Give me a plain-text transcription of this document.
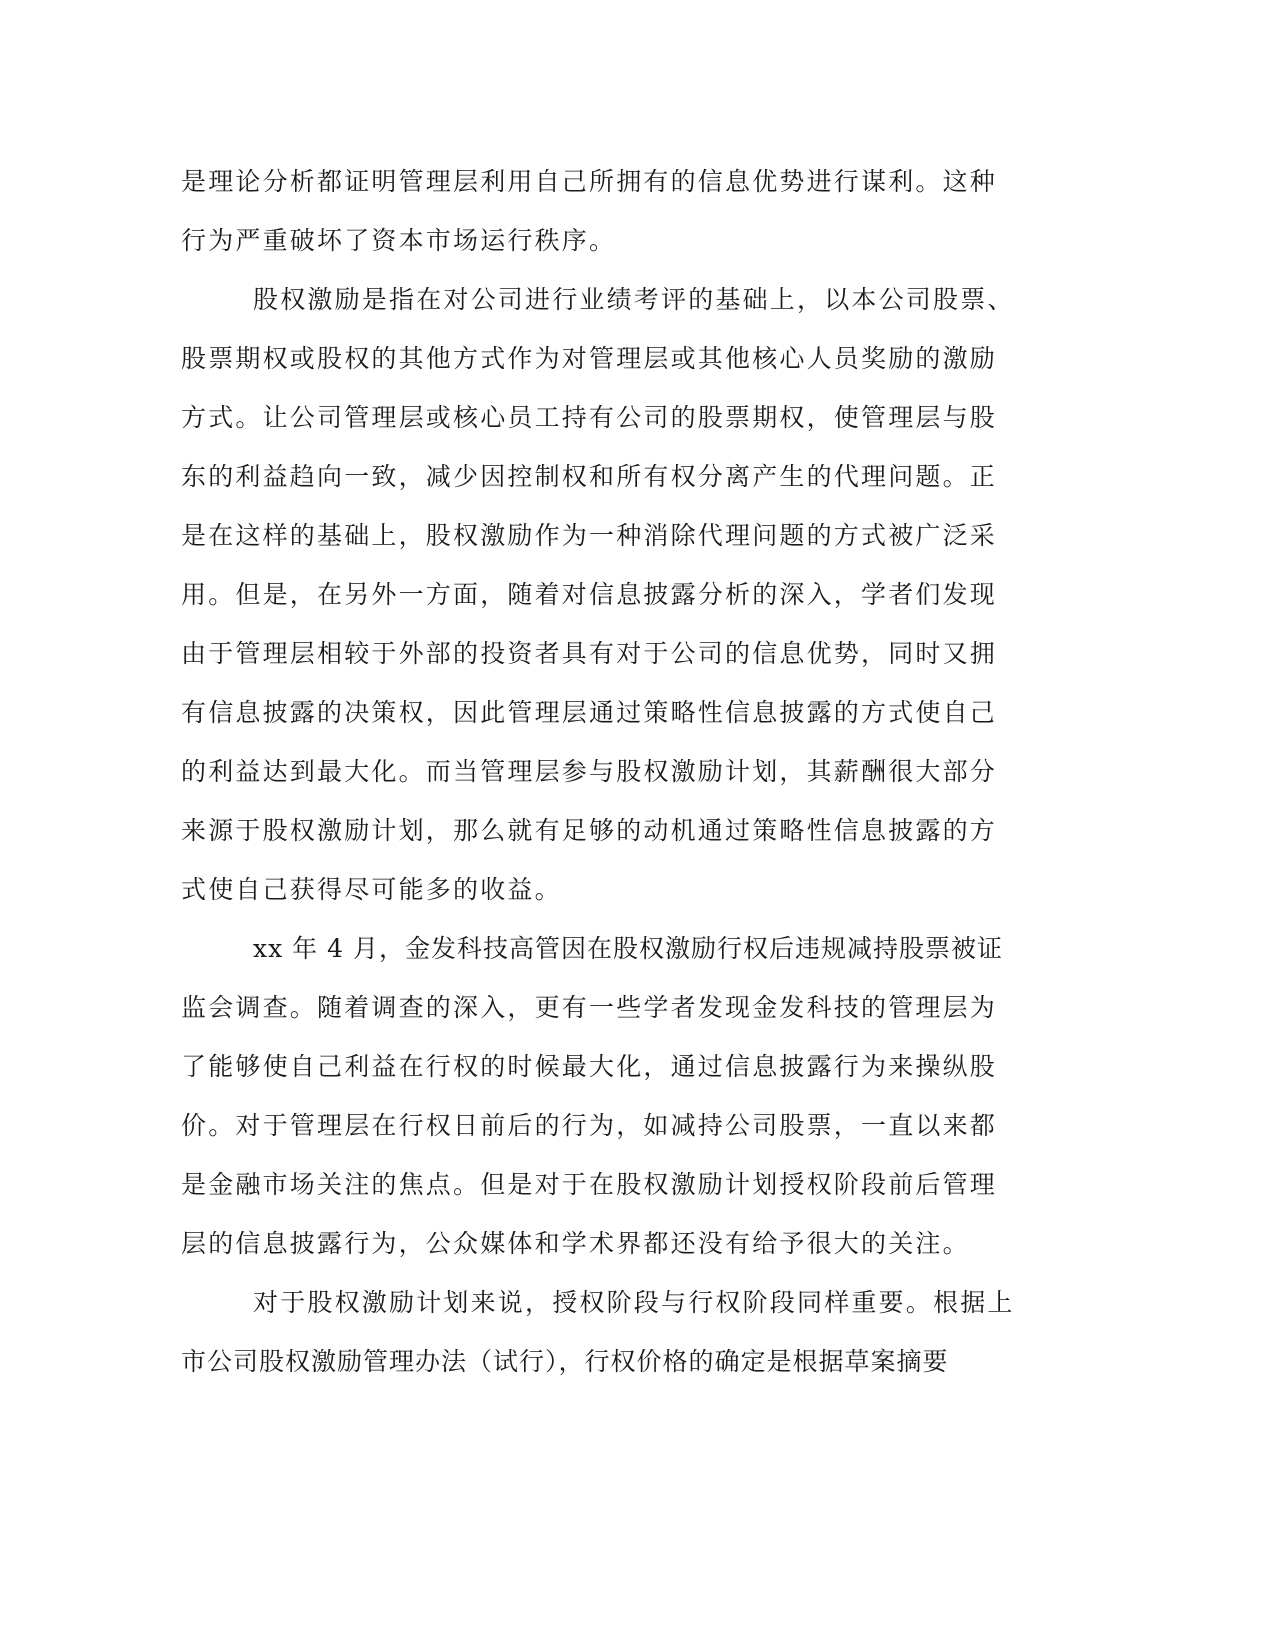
是理论分析都证明管理层利用自己所拥有的信息优势进行谋利。这种
行为严重破坏了资本市场运行秩序。
股权激励是指在对公司进行业绩考评的基础上，以本公司股票、
股票期权或股权的其他方式作为对管理层或其他核心人员奖励的激励
方式。让公司管理层或核心员工持有公司的股票期权，使管理层与股
东的利益趋向一致，减少因控制权和所有权分离产生的代理问题。正
是在这样的基础上，股权激励作为一种消除代理问题的方式被广泛采
用。但是，在另外一方面，随着对信息披露分析的深入，学者们发现
由于管理层相较于外部的投资者具有对于公司的信息优势，同时又拥
有信息披露的决策权，因此管理层通过策略性信息披露的方式使自己
的利益达到最大化。而当管理层参与股权激励计划，其薪酬很大部分
来源于股权激励计划，那么就有足够的动机通过策略性信息披露的方
式使自己获得尽可能多的收益。
xx 年 4 月，金发科技高管因在股权激励行权后违规减持股票被证
监会调查。随着调查的深入，更有一些学者发现金发科技的管理层为
了能够使自己利益在行权的时候最大化，通过信息披露行为来操纵股
价。对于管理层在行权日前后的行为，如减持公司股票，一直以来都
是金融市场关注的焦点。但是对于在股权激励计划授权阶段前后管理
层的信息披露行为，公众媒体和学术界都还没有给予很大的关注。
对于股权激励计划来说，授权阶段与行权阶段同样重要。根据上
市公司股权激励管理办法（试行），行权价格的确定是根据草案摘要
